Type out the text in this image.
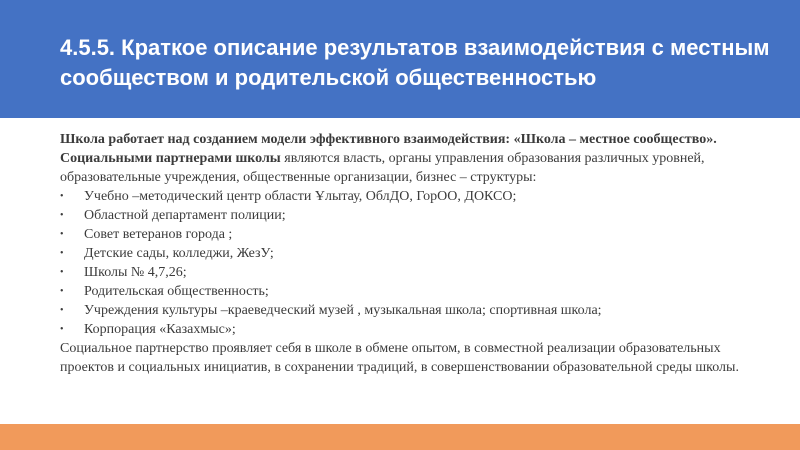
4.5.5. Краткое описание результатов взаимодействия с местным сообществом и родительской общественностью

Школа работает над созданием модели эффективного взаимодействия: «Школа – местное сообщество». Социальными партнерами школы являются власть, органы управления образования различных уровней, образовательные учреждения, общественные организации, бизнес – структуры:

• Учебно –методический центр области Ұлытау, ОблДО, ГорОО, ДОКСО;
• Областной департамент полиции;
• Совет ветеранов города ;
• Детские сады, колледжи, ЖезУ;
• Школы № 4,7,26;
• Родительская общественность;
• Учреждения культуры –краеведческий музей , музыкальная школа; спортивная школа;
• Корпорация «Казахмыс»;

Социальное партнерство проявляет себя в школе в обмене опытом, в совместной реализации образовательных проектов и социальных инициатив, в сохранении традиций, в совершенствовании образовательной среды школы.
